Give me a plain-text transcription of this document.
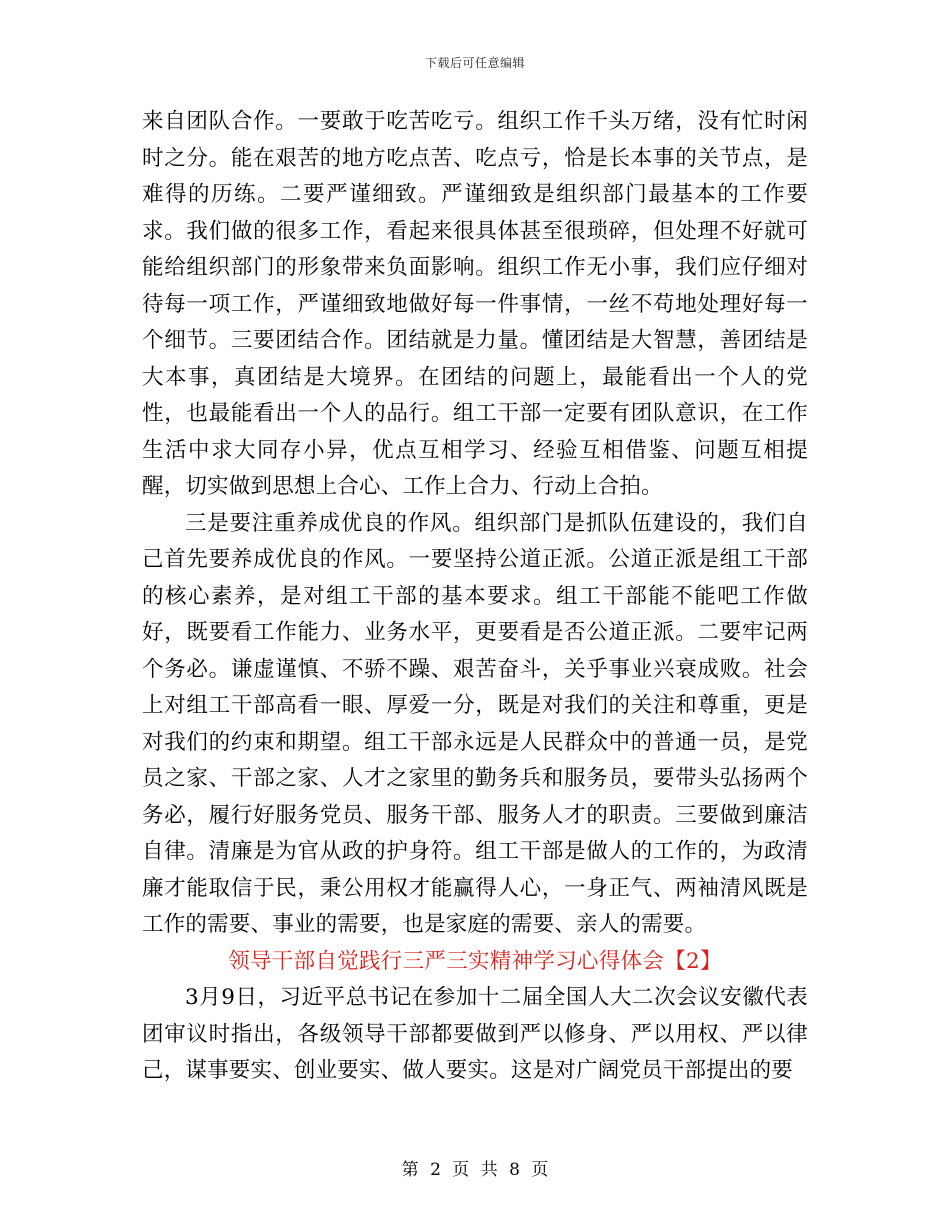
下载后可任意编辑

来自团队合作。一要敢于吃苦吃亏。组织工作千头万绪，没有忙时闲时之分。能在艰苦的地方吃点苦、吃点亏，恰是长本事的关节点，是难得的历练。二要严谨细致。严谨细致是组织部门最基本的工作要求。我们做的很多工作，看起来很具体甚至很琐碎，但处理不好就可能给组织部门的形象带来负面影响。组织工作无小事，我们应仔细对待每一项工作，严谨细致地做好每一件事情，一丝不苟地处理好每一个细节。三要团结合作。团结就是力量。懂团结是大智慧，善团结是大本事，真团结是大境界。在团结的问题上，最能看出一个人的党性，也最能看出一个人的品行。组工干部一定要有团队意识，在工作生活中求大同存小异，优点互相学习、经验互相借鉴、问题互相提醒，切实做到思想上合心、工作上合力、行动上合拍。

三是要注重养成优良的作风。组织部门是抓队伍建设的，我们自己首先要养成优良的作风。一要坚持公道正派。公道正派是组工干部的核心素养，是对组工干部的基本要求。组工干部能不能吧工作做好，既要看工作能力、业务水平，更要看是否公道正派。二要牢记两个务必。谦虚谨慎、不骄不躁、艰苦奋斗，关乎事业兴衰成败。社会上对组工干部高看一眼、厚爱一分，既是对我们的关注和尊重，更是对我们的约束和期望。组工干部永远是人民群众中的普通一员，是党员之家、干部之家、人才之家里的勤务兵和服务员，要带头弘扬两个务必，履行好服务党员、服务干部、服务人才的职责。三要做到廉洁自律。清廉是为官从政的护身符。组工干部是做人的工作的，为政清廉才能取信于民，秉公用权才能赢得人心，一身正气、两袖清风既是工作的需要、事业的需要，也是家庭的需要、亲人的需要。

领导干部自觉践行三严三实精神学习心得体会【2】

3月9日，习近平总书记在参加十二届全国人大二次会议安徽代表团审议时指出，各级领导干部都要做到严以修身、严以用权、严以律己，谋事要实、创业要实、做人要实。这是对广阔党员干部提出的要

第 2 页 共 8 页
